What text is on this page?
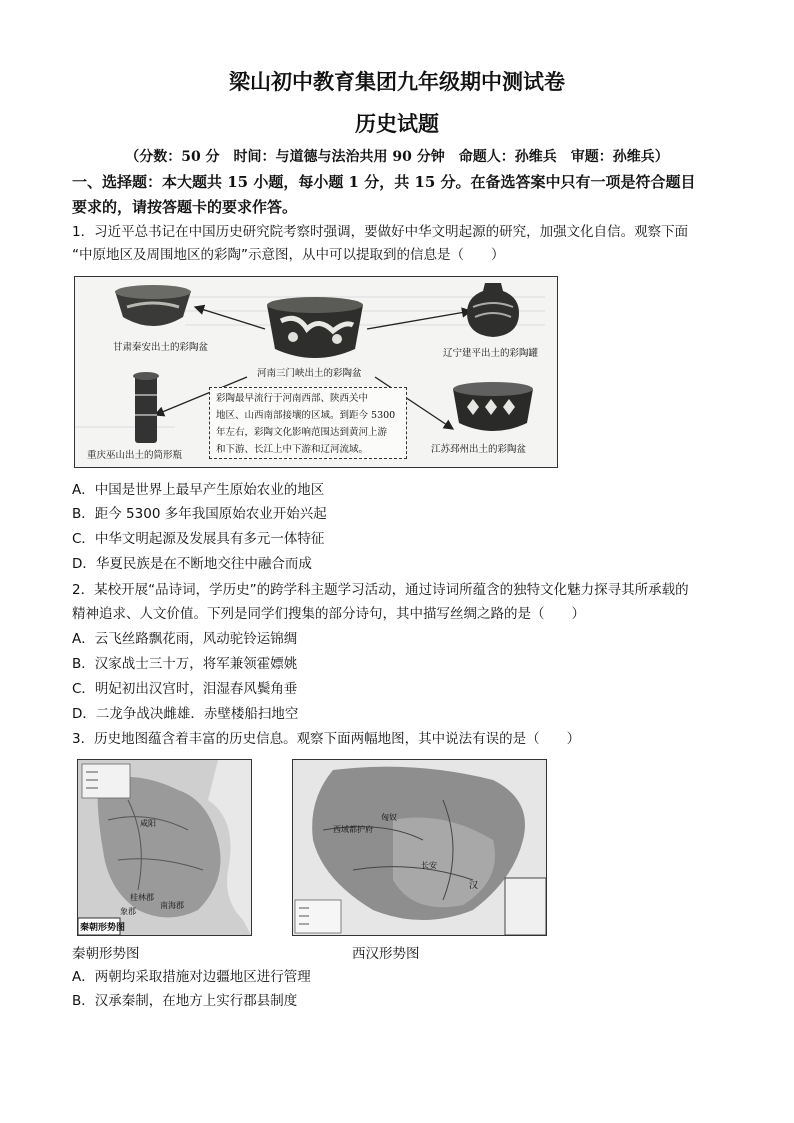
梁山初中教育集团九年级期中测试卷
历史试题
（分数：50 分　时间：与道德与法治共用 90 分钟　命题人：孙维兵　审题：孙维兵）
一、选择题：本大题共 15 小题，每小题 1 分，共 15 分。在备选答案中只有一项是符合题目
要求的，请按答题卡的要求作答。
1．习近平总书记在中国历史研究院考察时强调，要做好中华文明起源的研究，加强文化自信。观察下面
“中原地区及周围地区的彩陶”示意图，从中可以提取到的信息是（　　）
甘肃秦安出土的彩陶盆
河南三门峡出土的彩陶盆
辽宁建平出土的彩陶罐
重庆巫山出土的筒形瓶
江苏邳州出土的彩陶盆
彩陶最早流行于河南西部、陕西关中
地区、山西南部接壤的区域。到距今 5300
年左右，彩陶文化影响范围达到黄河上游
和下游、长江上中下游和辽河流域。
A．中国是世界上最早产生原始农业的地区
B．距今 5300 多年我国原始农业开始兴起
C．中华文明起源及发展具有多元一体特征
D．华夏民族是在不断地交往中融合而成
2．某校开展“品诗词，学历史”的跨学科主题学习活动，通过诗词所蕴含的独特文化魅力探寻其所承载的
精神追求、人文价值。下列是同学们搜集的部分诗句，其中描写丝绸之路的是（　　）
A．云飞丝路飘花雨，风动驼铃运锦绸
B．汉家战士三十万，将军兼领霍嫖姚
C．明妃初出汉宫时，泪湿春风鬓角垂
D．二龙争战决雌雄．赤壁楼船扫地空
3．历史地图蕴含着丰富的历史信息。观察下面两幅地图，其中说法有误的是（　　）
咸阳
桂林郡
象郡
南海郡
秦朝形势图
西域都护府
匈奴
长安
汉
秦朝形势图	西汉形势图
A．两朝均采取措施对边疆地区进行管理
B．汉承秦制，在地方上实行郡县制度
